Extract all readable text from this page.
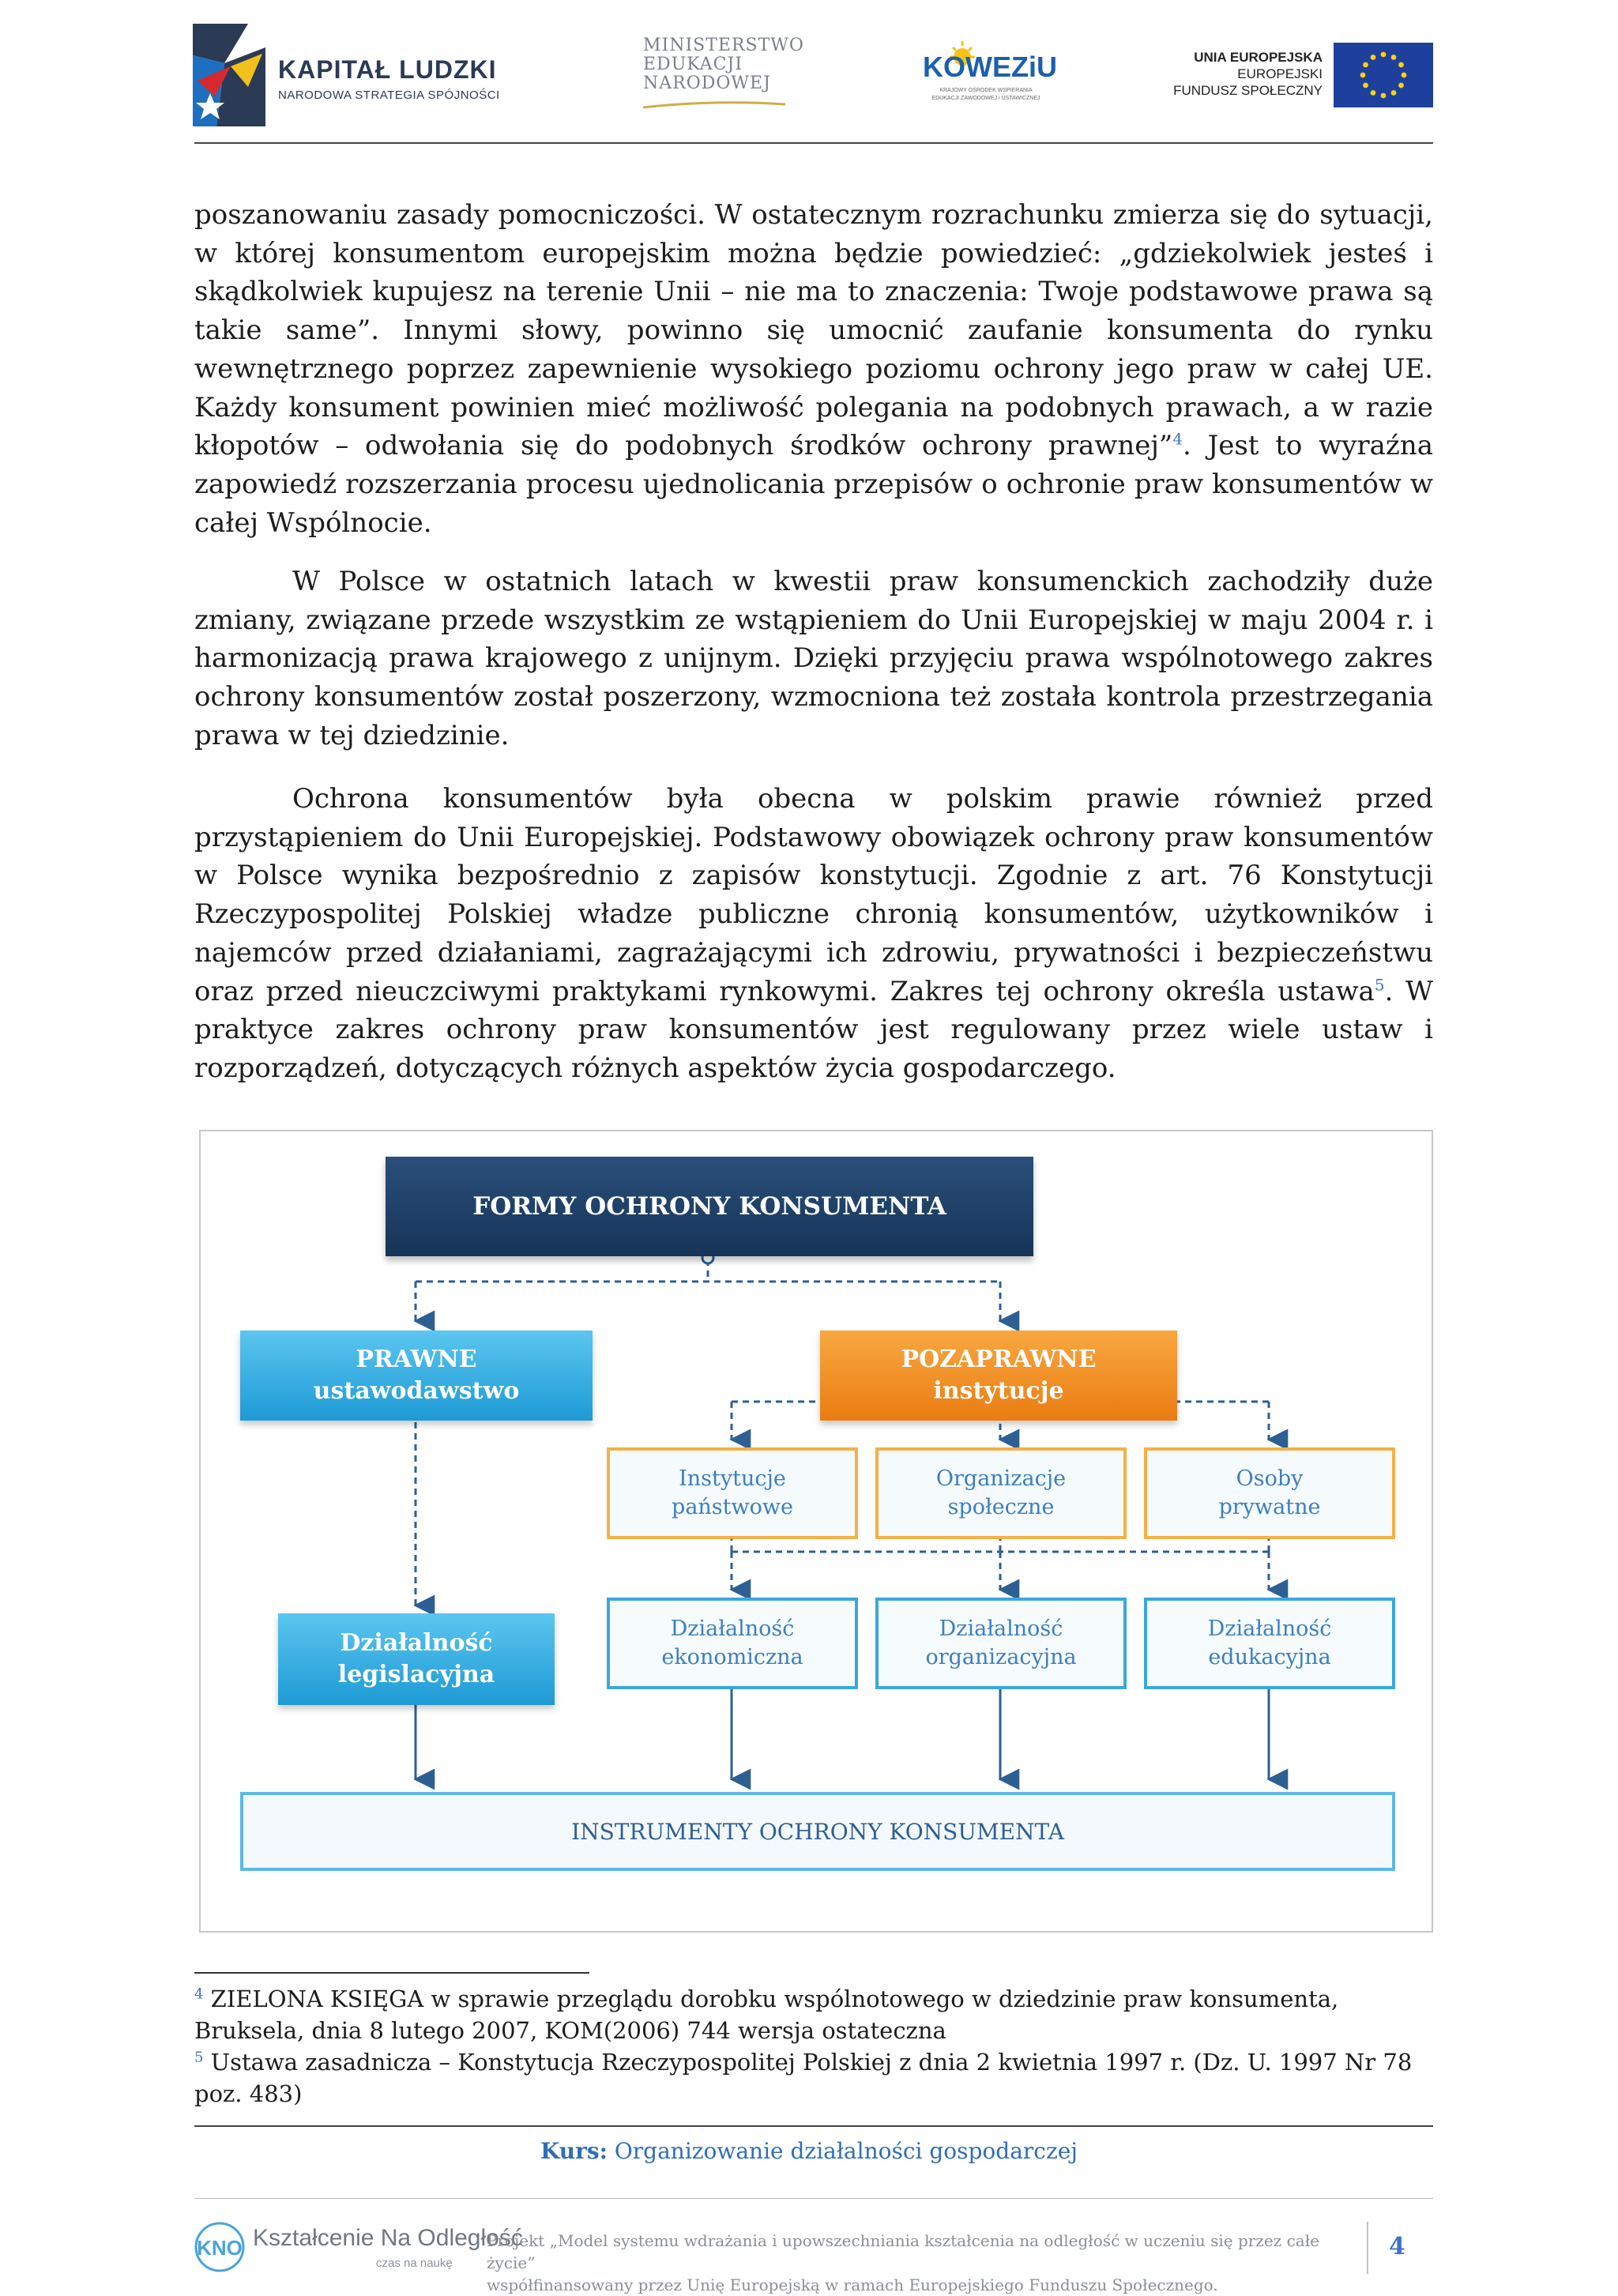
KAPITAŁ LUDZKI
NARODOWA STRATEGIA SPÓJNOŚCI
MINISTERSTWO
EDUKACJI
NARODOWEJ
KOWEZiU
KRAJOWY OŚRODEK WSPIERANIA
EDUKACJI ZAWODOWEJ i USTAWICZNEJ
UNIA EUROPEJSKA
EUROPEJSKI
FUNDUSZ SPOŁECZNY
poszanowaniu zasady pomocniczości. W ostatecznym rozrachunku zmierza się do sytuacji, w której konsumentom europejskim można będzie powiedzieć: „gdziekolwiek jesteś i skądkolwiek kupujesz na terenie Unii – nie ma to znaczenia: Twoje podstawowe prawa są takie same”. Innymi słowy, powinno się umocnić zaufanie konsumenta do rynku wewnętrznego poprzez zapewnienie wysokiego poziomu ochrony jego praw w całej UE. Każdy konsument powinien mieć możliwość polegania na podobnych prawach, a w razie kłopotów – odwołania się do podobnych środków ochrony prawnej”$^4$. Jest to wyraźna zapowiedź rozszerzania procesu ujednolicania przepisów o ochronie praw konsumentów w całej Wspólnocie.
W Polsce w ostatnich latach w kwestii praw konsumenckich zachodziły duże zmiany, związane przede wszystkim ze wstąpieniem do Unii Europejskiej w maju 2004 r. i harmonizacją prawa krajowego z unijnym. Dzięki przyjęciu prawa wspólnotowego zakres ochrony konsumentów został poszerzony, wzmocniona też została kontrola przestrzegania prawa w tej dziedzinie.
Ochrona konsumentów była obecna w polskim prawie również przed przystąpieniem do Unii Europejskiej. Podstawowy obowiązek ochrony praw konsumentów w Polsce wynika bezpośrednio z zapisów konstytucji. Zgodnie z art. 76 Konstytucji Rzeczypospolitej Polskiej władze publiczne chronią konsumentów, użytkowników i najemców przed działaniami, zagrażającymi ich zdrowiu, prywatności i bezpieczeństwu oraz przed nieuczciwymi praktykami rynkowymi. Zakres tej ochrony określa ustawa$^5$. W praktyce zakres ochrony praw konsumentów jest regulowany przez wiele ustaw i rozporządzeń, dotyczących różnych aspektów życia gospodarczego.
FORMY OCHRONY KONSUMENTA
PRAWNE
ustawodawstwo
POZAPRAWNE
instytucje
Instytucje
państwowe
Organizacje
społeczne
Osoby
prywatne
Działalność
legislacyjna
Działalność
ekonomiczna
Działalność
organizacyjna
Działalność
edukacyjna
INSTRUMENTY OCHRONY KONSUMENTA
$^4$ ZIELONA KSIĘGA w sprawie przeglądu dorobku wspólnotowego w dziedzinie praw konsumenta, Bruksela, dnia 8 lutego 2007, KOM(2006) 744 wersja ostateczna
$^5$ Ustawa zasadnicza – Konstytucja Rzeczypospolitej Polskiej z dnia 2 kwietnia 1997 r. (Dz. U. 1997 Nr 78 poz. 483)
Kurs: Organizowanie działalności gospodarczej
KNO Kształcenie Na Odległość
czas na naukę
Projekt „Model systemu wdrażania i upowszechniania kształcenia na odległość w uczeniu się przez całe życie”
współfinansowany przez Unię Europejską w ramach Europejskiego Funduszu Społecznego.
4
